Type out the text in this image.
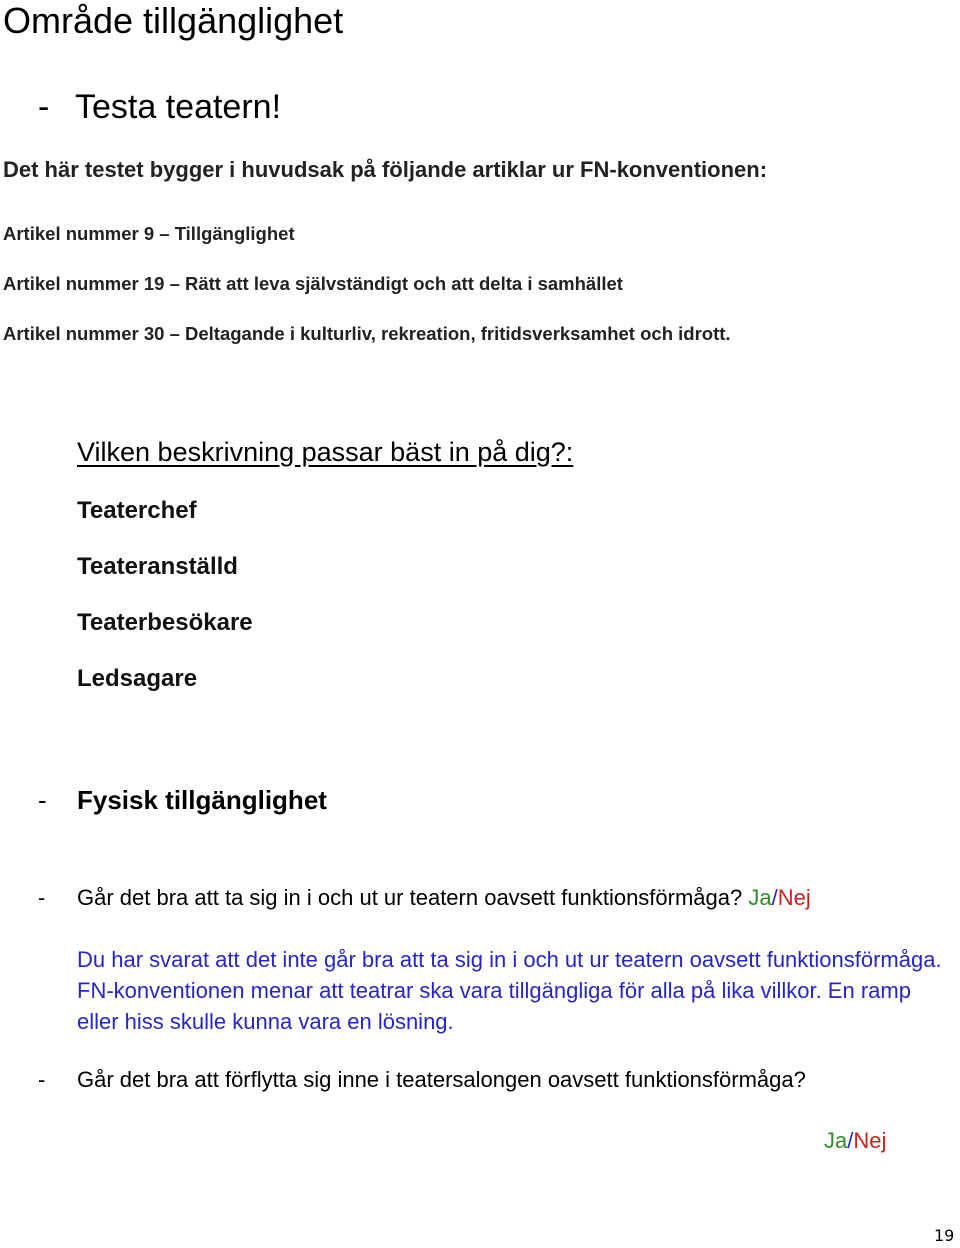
Område tillgänglighet
- Testa teatern!
Det här testet bygger i huvudsak på följande artiklar ur FN-konventionen:
Artikel nummer 9 – Tillgänglighet
Artikel nummer 19 – Rätt att leva självständigt och att delta i samhället
Artikel nummer 30 – Deltagande i kulturliv, rekreation, fritidsverksamhet och idrott.
Vilken beskrivning passar bäst in på dig?:
Teaterchef
Teateranställd
Teaterbesökare
Ledsagare
- Fysisk tillgänglighet
- Går det bra att ta sig in i och ut ur teatern oavsett funktionsförmåga? Ja/Nej
Du har svarat att det inte går bra att ta sig in i och ut ur teatern oavsett funktionsförmåga. FN-konventionen menar att teatrar ska vara tillgängliga för alla på lika villkor. En ramp eller hiss skulle kunna vara en lösning.
- Går det bra att förflytta sig inne i teatersalongen oavsett funktionsförmåga?
Ja/Nej
19
